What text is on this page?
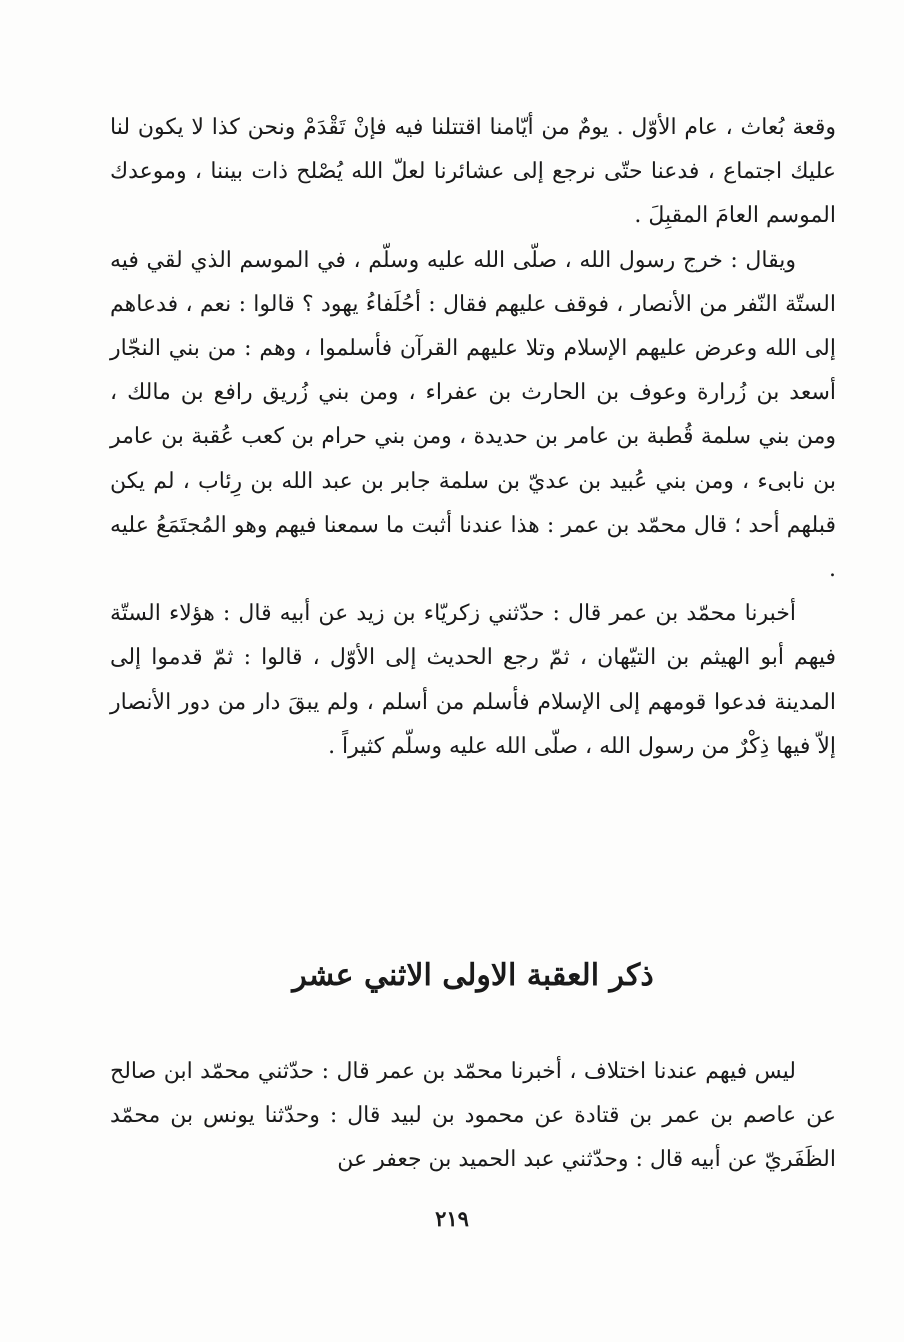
وقعة بُعاث ، عام الأوّل . يومٌ من أيّامنا اقتتلنا فيه فإنْ تَقْدَمْ ونحن كذا لا يكون لنا عليك اجتماع ، فدعنا حتّى نرجع إلى عشائرنا لعلّ الله يُصْلح ذات بيننا ، وموعدك الموسم العامَ المقبِلَ .

ويقال : خرج رسول الله ، صلّى الله عليه وسلّم ، في الموسم الذي لقي فيه الستّة النّفر من الأنصار ، فوقف عليهم فقال : أحُلَفاءُ يهود ؟ قالوا : نعم ، فدعاهم إلى الله وعرض عليهم الإسلام وتلا عليهم القرآن فأسلموا ، وهم : من بني النجّار أسعد بن زُرارة وعوف بن الحارث بن عفراء ، ومن بني زُريق رافع بن مالك ، ومن بني سلمة قُطبة بن عامر بن حديدة ، ومن بني حرام بن كعب عُقبة بن عامر بن نابىء ، ومن بني عُبيد بن عديّ بن سلمة جابر بن عبد الله بن رِئاب ، لم يكن قبلهم أحد ؛ قال محمّد بن عمر : هذا عندنا أثبت ما سمعنا فيهم وهو المُجتَمَعُ عليه .

أخبرنا محمّد بن عمر قال : حدّثني زكريّاء بن زيد عن أبيه قال : هؤلاء الستّة فيهم أبو الهيثم بن التيّهان ، ثمّ رجع الحديث إلى الأوّل ، قالوا : ثمّ قدموا إلى المدينة فدعوا قومهم إلى الإسلام فأسلم من أسلم ، ولم يبقَ دار من دور الأنصار إلاّ فيها ذِكْرٌ من رسول الله ، صلّى الله عليه وسلّم كثيراً .

ذكر العقبة الاولى الاثني عشر

ليس فيهم عندنا اختلاف ، أخبرنا محمّد بن عمر قال : حدّثني محمّد ابن صالح عن عاصم بن عمر بن قتادة عن محمود بن لبيد قال : وحدّثنا يونس بن محمّد الظَفَريّ عن أبيه قال : وحدّثني عبد الحميد بن جعفر عن

٢١٩
